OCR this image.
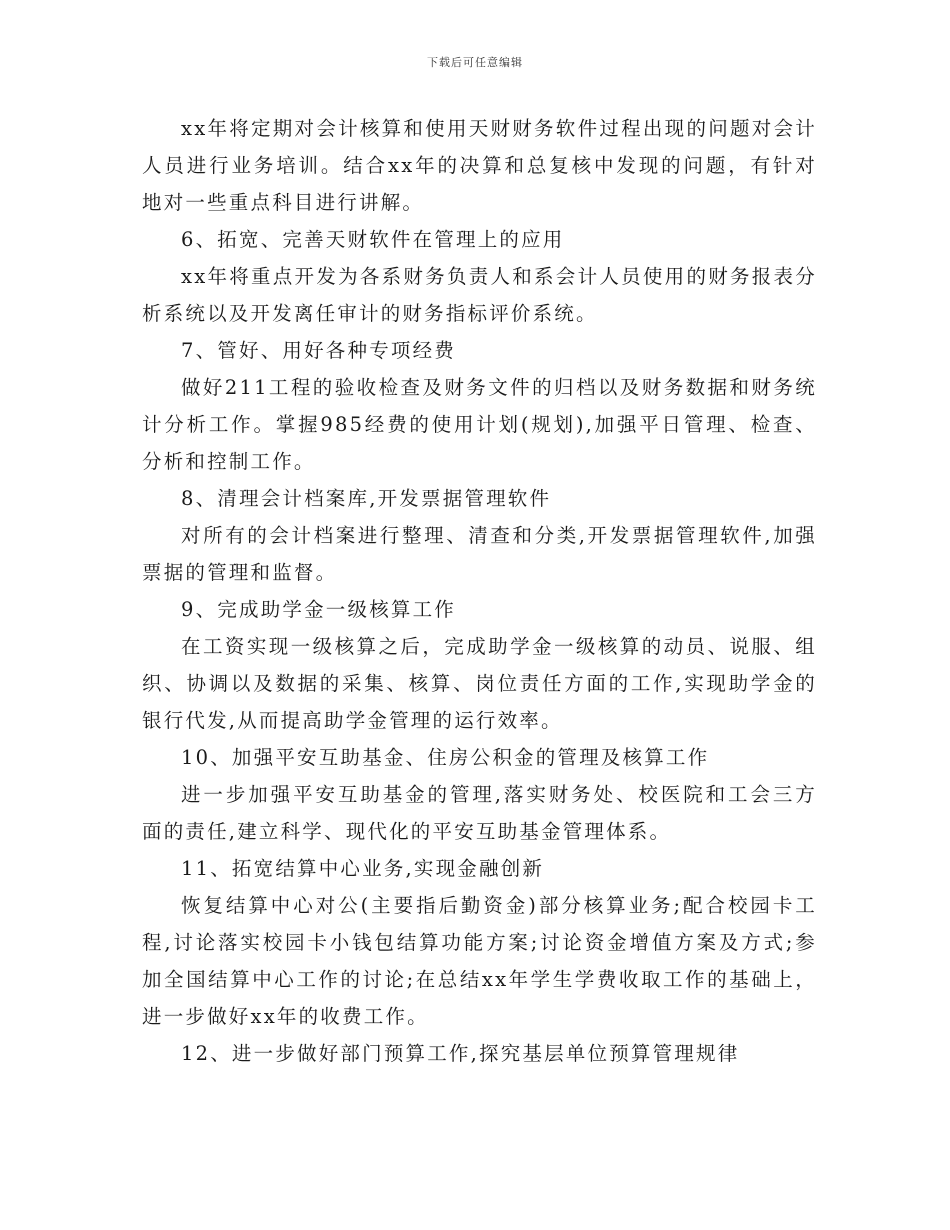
下载后可任意编辑

xx年将定期对会计核算和使用天财财务软件过程出现的问题对会计人员进行业务培训。结合xx年的决算和总复核中发现的问题，有针对地对一些重点科目进行讲解。

6、拓宽、完善天财软件在管理上的应用

xx年将重点开发为各系财务负责人和系会计人员使用的财务报表分析系统以及开发离任审计的财务指标评价系统。

7、管好、用好各种专项经费

做好211工程的验收检查及财务文件的归档以及财务数据和财务统计分析工作。掌握985经费的使用计划(规划),加强平日管理、检查、分析和控制工作。

8、清理会计档案库,开发票据管理软件

对所有的会计档案进行整理、清查和分类,开发票据管理软件,加强票据的管理和监督。

9、完成助学金一级核算工作

在工资实现一级核算之后，完成助学金一级核算的动员、说服、组织、协调以及数据的采集、核算、岗位责任方面的工作,实现助学金的银行代发,从而提高助学金管理的运行效率。

10、加强平安互助基金、住房公积金的管理及核算工作

进一步加强平安互助基金的管理,落实财务处、校医院和工会三方面的责任,建立科学、现代化的平安互助基金管理体系。

11、拓宽结算中心业务,实现金融创新

恢复结算中心对公(主要指后勤资金)部分核算业务;配合校园卡工程,讨论落实校园卡小钱包结算功能方案;讨论资金增值方案及方式;参加全国结算中心工作的讨论;在总结xx年学生学费收取工作的基础上，进一步做好xx年的收费工作。

12、进一步做好部门预算工作,探究基层单位预算管理规律
